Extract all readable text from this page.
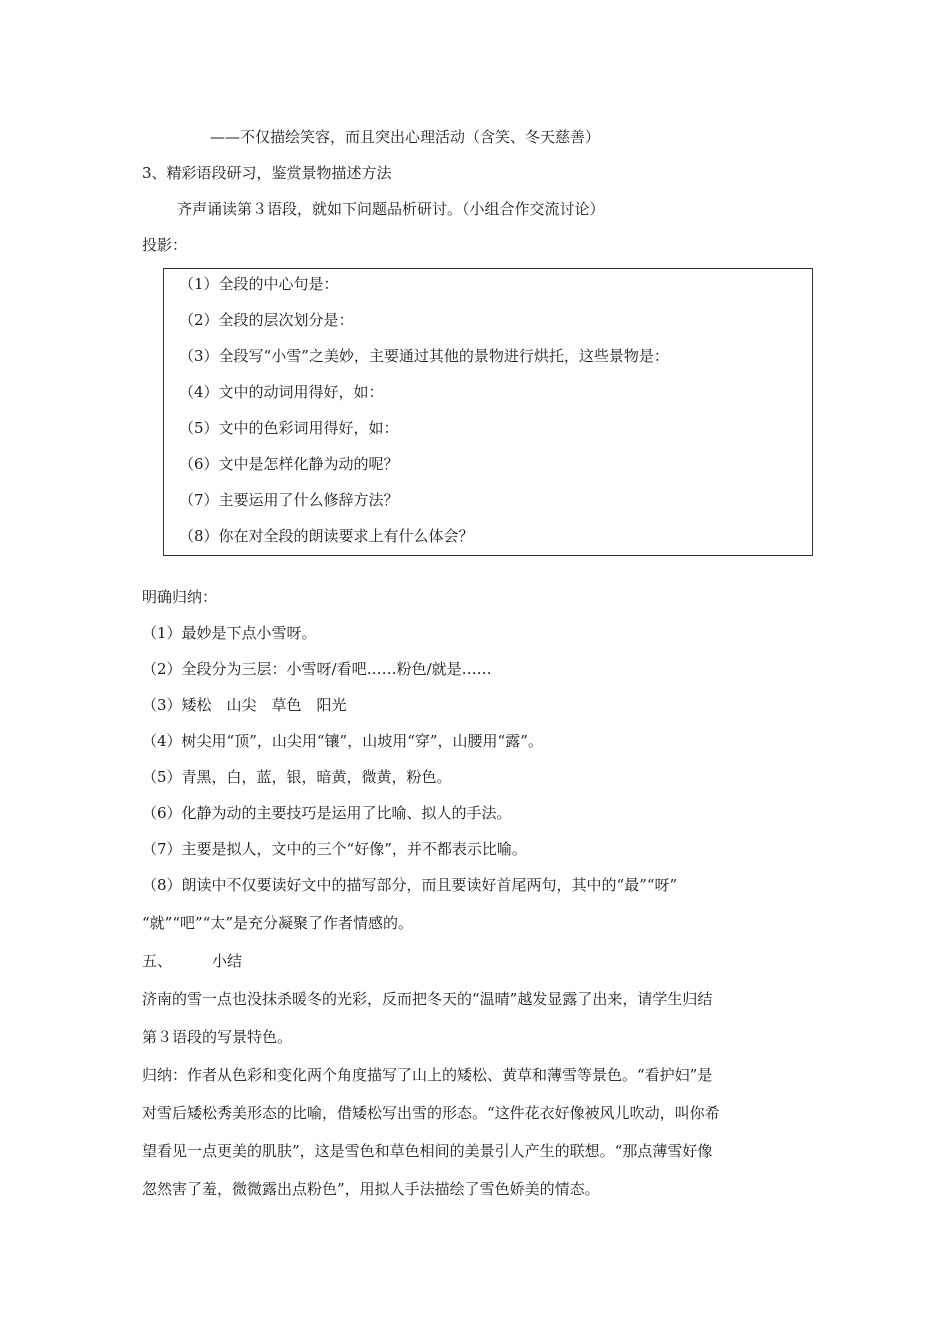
——不仅描绘笑容，而且突出心理活动（含笑、冬天慈善）
3、精彩语段研习，鉴赏景物描述方法
齐声诵读第３语段，就如下问题品析研讨。（小组合作交流讨论）
投影：
（1）全段的中心句是：
（2）全段的层次划分是：
（3）全段写“小雪”之美妙，主要通过其他的景物进行烘托，这些景物是：
（4）文中的动词用得好，如：
（5）文中的色彩词用得好，如：
（6）文中是怎样化静为动的呢？
（7）主要运用了什么修辞方法？
（8）你在对全段的朗读要求上有什么体会？
明确归纳：
（1）最妙是下点小雪呀。
（2）全段分为三层：小雪呀/看吧……粉色/就是……
（3）矮松　山尖　草色　阳光
（4）树尖用“顶”，山尖用“镶”，山坡用“穿”，山腰用“露”。
（5）青黑，白，蓝，银，暗黄，微黄，粉色。
（6）化静为动的主要技巧是运用了比喻、拟人的手法。
（7）主要是拟人，文中的三个“好像”，并不都表示比喻。
（8）朗读中不仅要读好文中的描写部分，而且要读好首尾两句，其中的“最”“呀”
“就”“吧”“太”是充分凝聚了作者情感的。
五、	小结
济南的雪一点也没抹杀暖冬的光彩，反而把冬天的“温晴”越发显露了出来，请学生归结
第３语段的写景特色。
归纳：作者从色彩和变化两个角度描写了山上的矮松、黄草和薄雪等景色。“看护妇”是
对雪后矮松秀美形态的比喻，借矮松写出雪的形态。“这件花衣好像被风儿吹动，叫你希
望看见一点更美的肌肤”，这是雪色和草色相间的美景引人产生的联想。“那点薄雪好像
忽然害了羞，微微露出点粉色”，用拟人手法描绘了雪色娇美的情态。
